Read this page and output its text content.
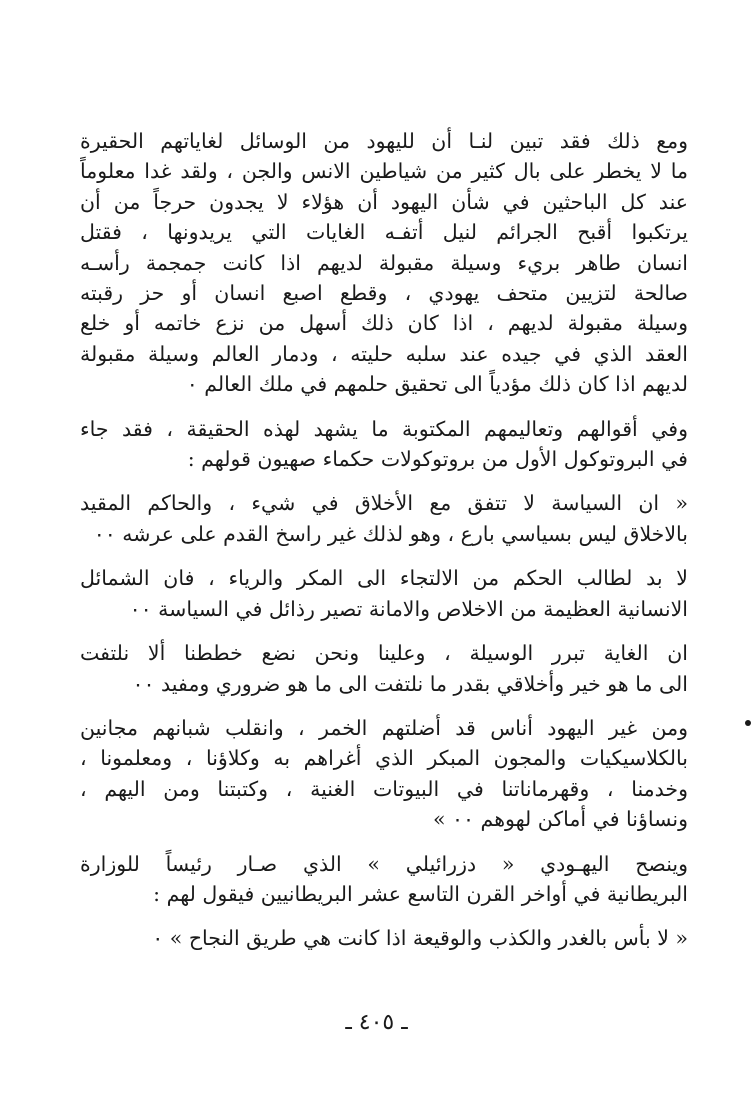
ومع ذلك فقد تبين لنـا أن لليهود من الوسائل لغاياتهم الحقيرة
ما لا يخطر على بال كثير من شياطين الانس والجن ، ولقد غدا معلوماً
عند كل الباحثين في شأن اليهود أن هؤلاء لا يجدون حرجاً من أن
يرتكبوا أقبح الجرائم لنيل أتفـه الغايات التي يريدونها ، فقتل
انسان طاهر بريء وسيلة مقبولة لديهم اذا كانت جمجمة رأسـه
صالحة لتزيين متحف يهودي ، وقطع اصبع انسان أو حز رقبته
وسيلة مقبولة لديهم ، اذا كان ذلك أسهل من نزع خاتمه أو خلع
العقد الذي في جيده عند سلبه حليته ، ودمار العالم وسيلة مقبولة
لديهم اذا كان ذلك مؤدياً الى تحقيق حلمهم في ملك العالم ٠

وفي أقوالهم وتعاليمهم المكتوبة ما يشهد لهذه الحقيقة ، فقد جاء
في البروتوكول الأول من بروتوكولات حكماء صهيون قولهم :

« ان السياسة لا تتفق مع الأخلاق في شيء ، والحاكم المقيد
بالاخلاق ليس بسياسي بارع ، وهو لذلك غير راسخ القدم على عرشه ٠٠

لا بد لطالب الحكم من الالتجاء الى المكر والرياء ، فان الشمائل
الانسانية العظيمة من الاخلاص والامانة تصير رذائل في السياسة ٠٠

ان الغاية تبرر الوسيلة ، وعلينا ونحن نضع خططنا ألا نلتفت
الى ما هو خير وأخلاقي بقدر ما نلتفت الى ما هو ضروري ومفيد ٠٠

ومن غير اليهود أناس قد أضلتهم الخمر ، وانقلب شبانهم مجانين
بالكلاسيكيات والمجون المبكر الذي أغراهم به وكلاؤنا ، ومعلمونا ،
وخدمنا ، وقهرماناتنا في البيوتات الغنية ، وكتبتنا ومن اليهم ،
ونساؤنا في أماكن لهوهم ٠٠ »

وينصح اليهـودي « دزرائيلي » الذي صـار رئيساً للوزارة
البريطانية في أواخر القرن التاسع عشر البريطانيين فيقول لهم :

« لا بأس بالغدر والكذب والوقيعة اذا كانت هي طريق النجاح » ٠

ـ ٤٠٥ ـ
